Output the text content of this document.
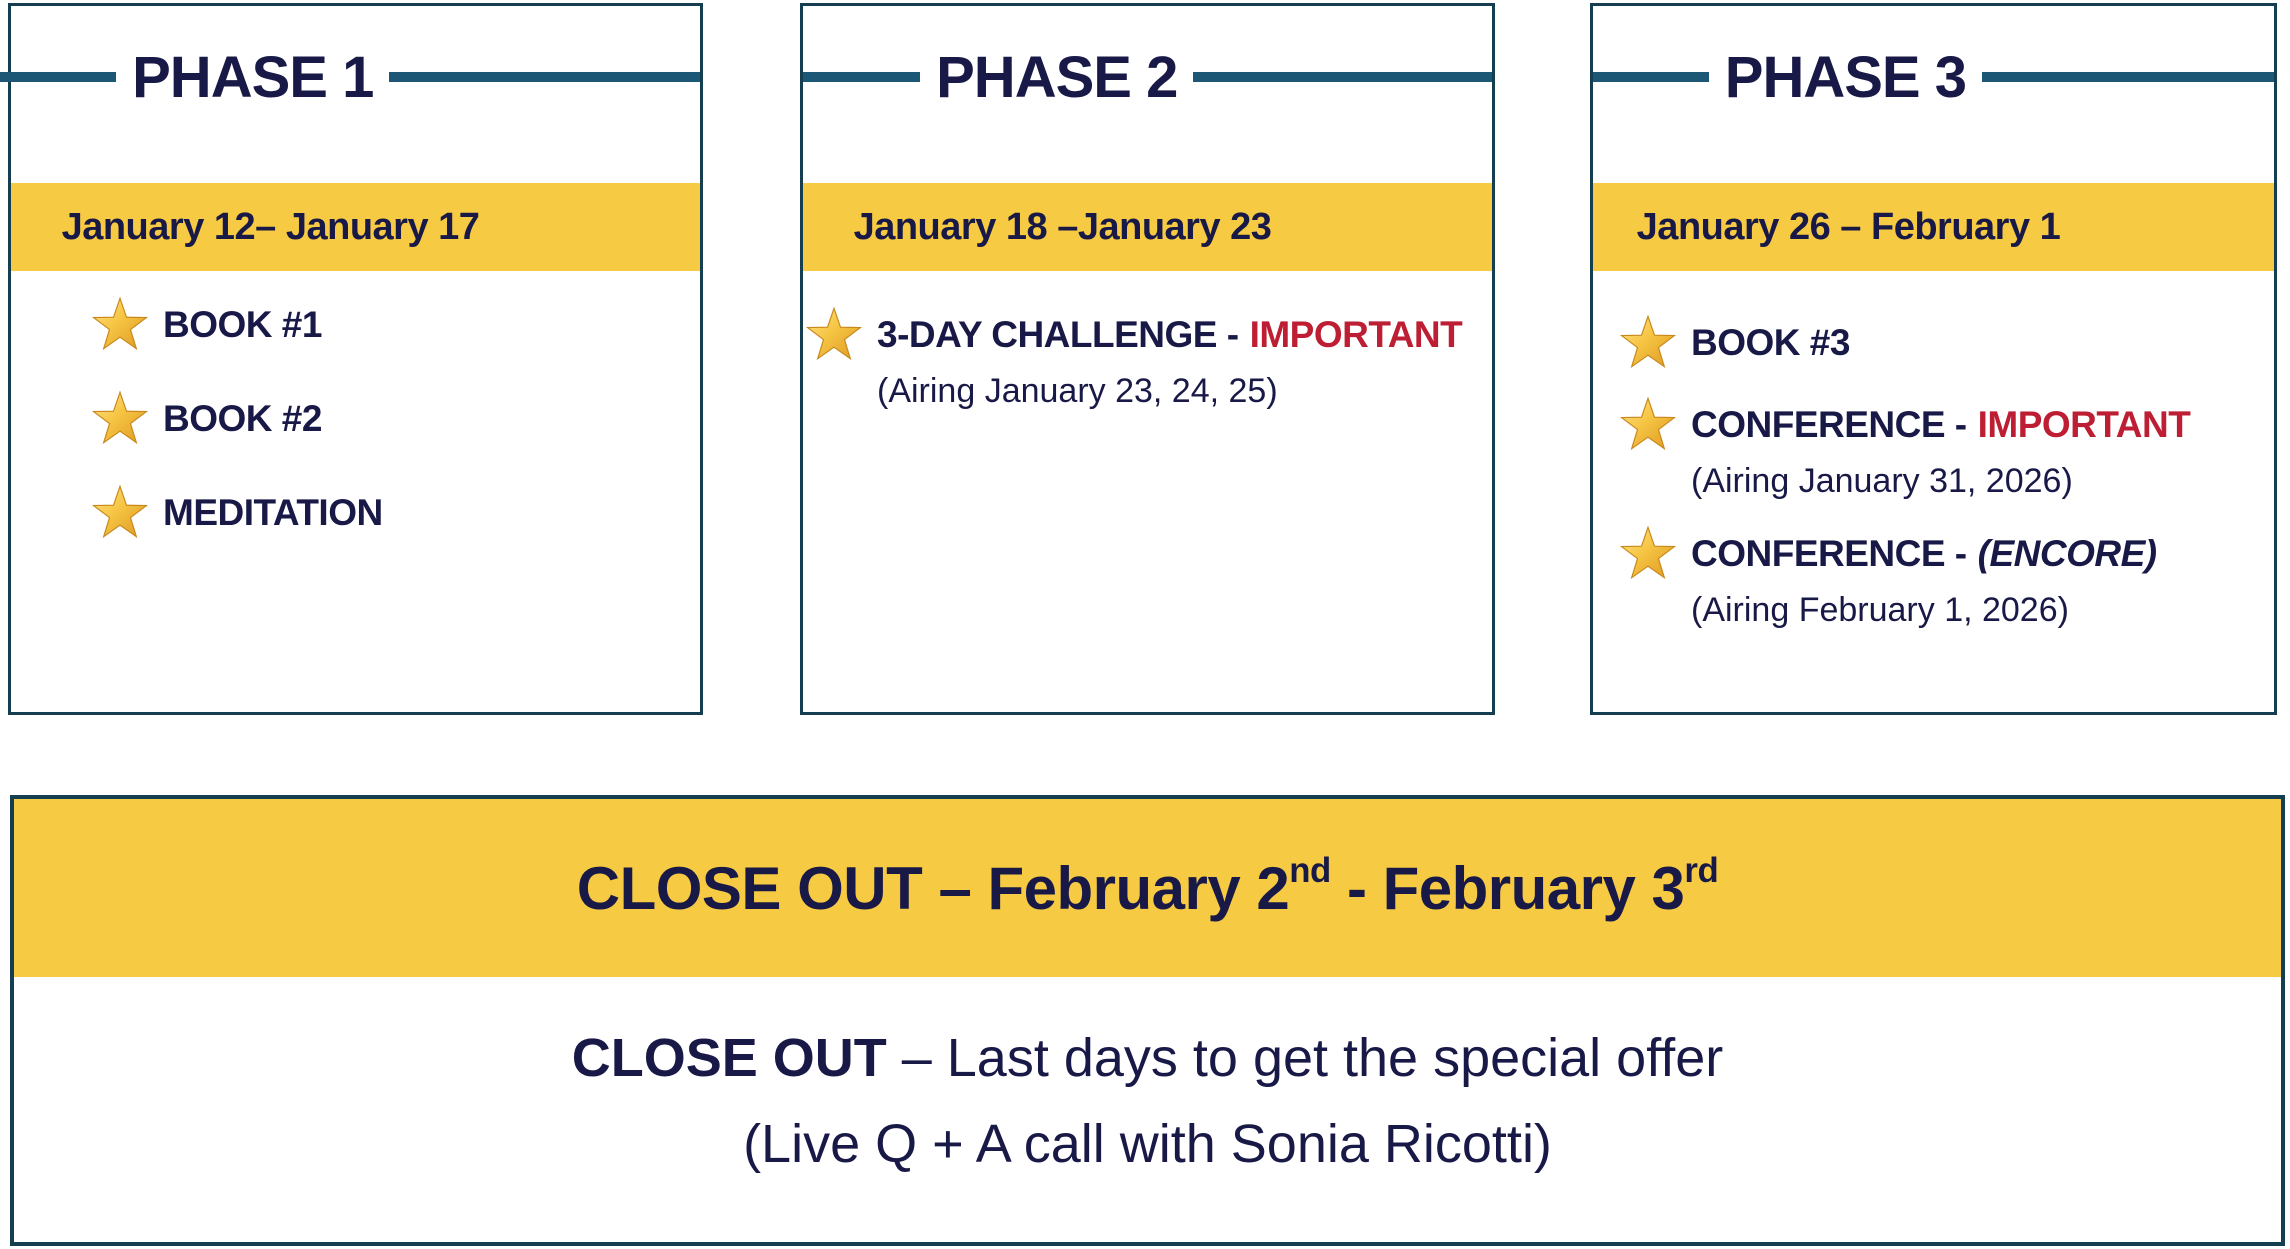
PHASE 1
January 12– January 17
BOOK #1
BOOK #2
MEDITATION
PHASE 2
January 18 –January 23
3-DAY CHALLENGE - IMPORTANT
(Airing January 23, 24, 25)
PHASE 3
January 26 – February 1
BOOK #3
CONFERENCE - IMPORTANT
(Airing January 31, 2026)
CONFERENCE - (ENCORE)
(Airing February 1, 2026)
CLOSE OUT – February 2nd - February 3rd
CLOSE OUT – Last days to get the special offer
(Live Q + A call with Sonia Ricotti)
